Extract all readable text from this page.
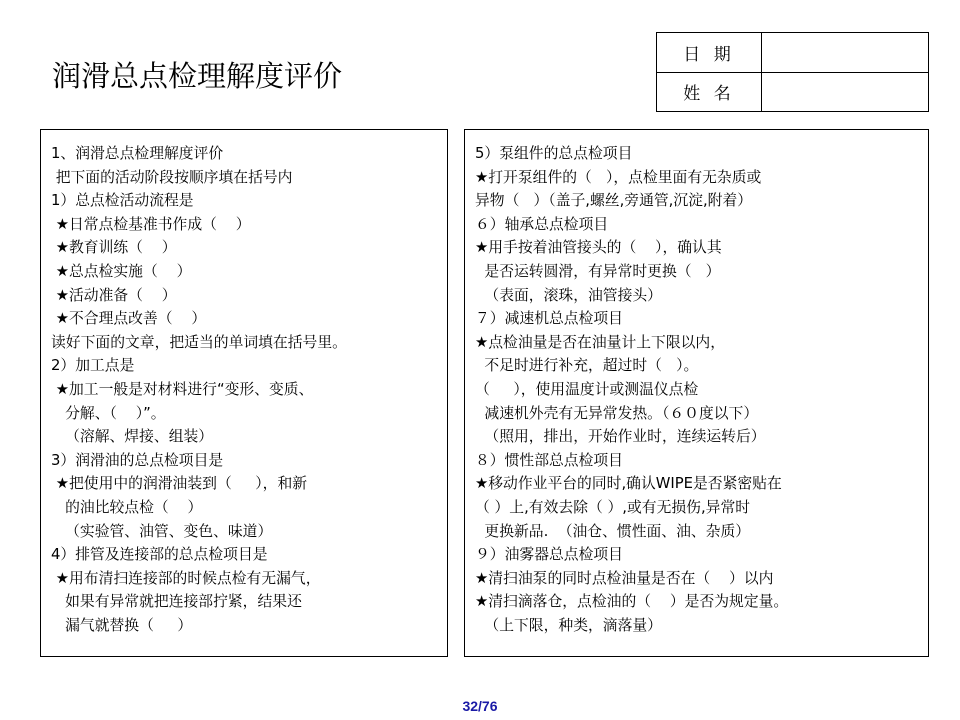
润滑总点检理解度评价
日 期	
姓 名	
1、润滑总点检理解度评价
把下面的活动阶段按顺序填在括号内
1）总点检活动流程是
★日常点检基准书作成（    ）
★教育训练（    ）
★总点检实施（    ）
★活动准备（    ）
★不合理点改善（    ）
读好下面的文章，把适当的单词填在括号里。
2）加工点是
★加工一般是对材料进行“变形、变质、
分解、（    ）”。
（溶解、焊接、组装）
3）润滑油的总点检项目是
★把使用中的润滑油装到（     ），和新
的油比较点检（    ）
（实验管、油管、变色、味道）
4）排管及连接部的总点检项目是
★用布清扫连接部的时候点检有无漏气，
如果有异常就把连接部拧紧，结果还
漏气就替换（     ）
5）泵组件的总点检项目
★打开泵组件的（   ），点检里面有无杂质或
异物（   ）（盖子,螺丝,旁通管,沉淀,附着）
６）轴承总点检项目
★用手按着油管接头的（    ），确认其
是否运转圆滑，有异常时更换（   ）
（表面，滚珠，油管接头）
７）减速机总点检项目
★点检油量是否在油量计上下限以内，
不足时进行补充，超过时（   ）。
（     ），使用温度计或测温仪点检
减速机外壳有无异常发热。（６０度以下）
（照用，排出，开始作业时，连续运转后）
８）惯性部总点检项目
★移动作业平台的同时,确认WIPE是否紧密贴在
（ ）上,有效去除（ ）,或有无损伤,异常时
更换新品.  （油仓、惯性面、油、杂质）
９）油雾器总点检项目
★清扫油泵的同时点检油量是否在（    ）以内
★清扫滴落仓，点检油的（    ）是否为规定量。
（上下限，种类，滴落量）
32/76
